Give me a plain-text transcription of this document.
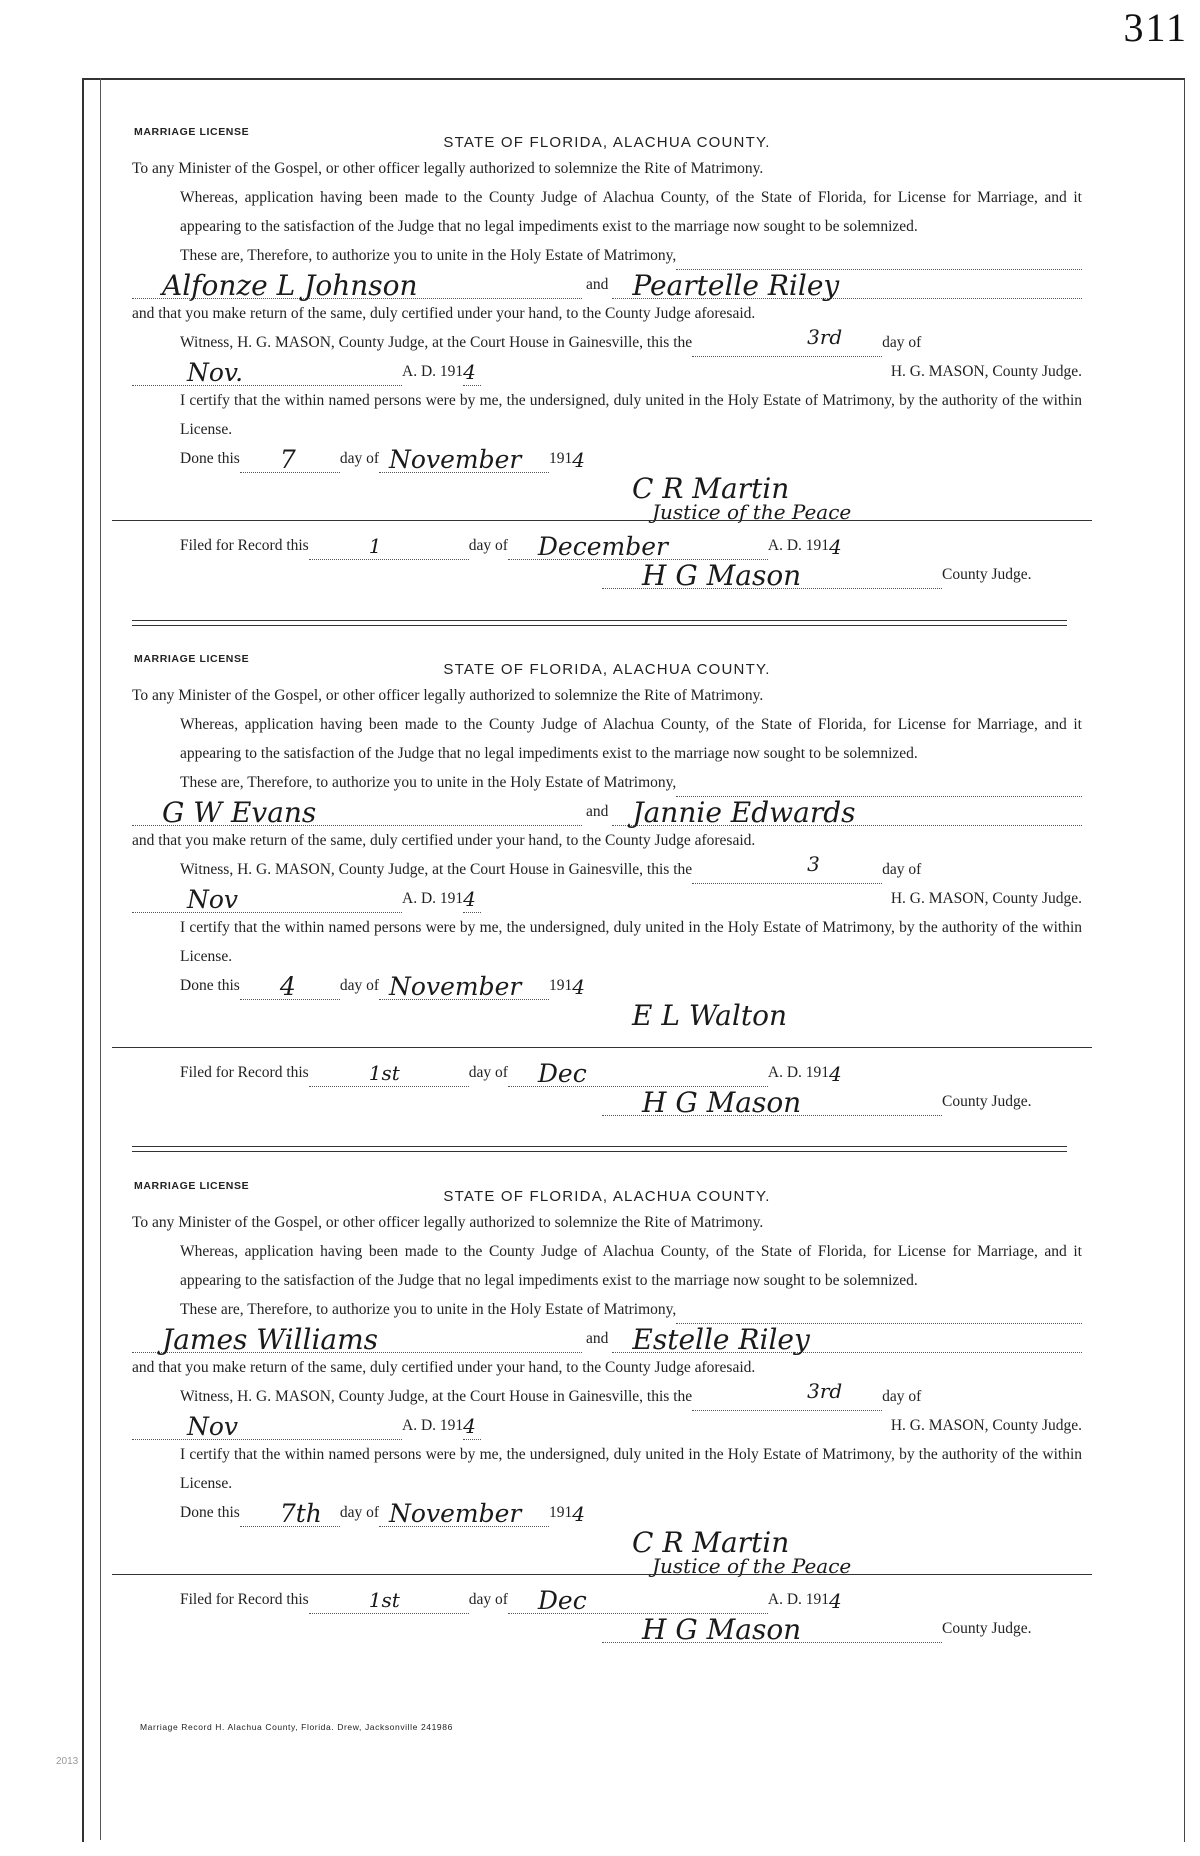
311
MARRIAGE LICENSE
STATE OF FLORIDA, ALACHUA COUNTY.

To any Minister of the Gospel, or other officer legally authorized to solemnize the Rite of Matrimony.

Whereas, application having been made to the County Judge of Alachua County, of the State of Florida, for License for Marriage, and it appearing to the satisfaction of the Judge that no legal impediments exist to the marriage now sought to be solemnized.

These are, Therefore, to authorize you to unite in the Holy Estate of Matrimony,
Alfonze L Johnson	and Peartelle Riley

and that you make return of the same, duly certified under your hand, to the County Judge aforesaid.

Witness, H. G. MASON, County Judge, at the Court House in Gainesville, this the	3rd	day of
Nov.	A. D. 191 4	H. G. MASON, County Judge.

I certify that the within named persons were by me, the undersigned, duly united in the Holy Estate of Matrimony, by the authority of the within License.

Done this 7	day of November 191 4
C R Martin
Justice of the Peace
Filed for Record this	1	day of December	A. D. 191 4
H G Mason	County Judge.
MARRIAGE LICENSE
STATE OF FLORIDA, ALACHUA COUNTY.

To any Minister of the Gospel, or other officer legally authorized to solemnize the Rite of Matrimony.

Whereas, application having been made to the County Judge of Alachua County, of the State of Florida, for License for Marriage, and it appearing to the satisfaction of the Judge that no legal impediments exist to the marriage now sought to be solemnized.

These are, Therefore, to authorize you to unite in the Holy Estate of Matrimony,
G W Evans	and Jannie Edwards

and that you make return of the same, duly certified under your hand, to the County Judge aforesaid.

Witness, H. G. MASON, County Judge, at the Court House in Gainesville, this the	3	day of
Nov	A. D. 191 4	H. G. MASON, County Judge.

I certify that the within named persons were by me, the undersigned, duly united in the Holy Estate of Matrimony, by the authority of the within License.

Done this 4	day of November 191 4
E L Walton
Filed for Record this	1st	day of Dec	A. D. 191 4
H G Mason	County Judge.
MARRIAGE LICENSE
STATE OF FLORIDA, ALACHUA COUNTY.

To any Minister of the Gospel, or other officer legally authorized to solemnize the Rite of Matrimony.

Whereas, application having been made to the County Judge of Alachua County, of the State of Florida, for License for Marriage, and it appearing to the satisfaction of the Judge that no legal impediments exist to the marriage now sought to be solemnized.

These are, Therefore, to authorize you to unite in the Holy Estate of Matrimony,
James Williams	and Estelle Riley

and that you make return of the same, duly certified under your hand, to the County Judge aforesaid.

Witness, H. G. MASON, County Judge, at the Court House in Gainesville, this the	3rd	day of
Nov	A. D. 191 4	H. G. MASON, County Judge.

I certify that the within named persons were by me, the undersigned, duly united in the Holy Estate of Matrimony, by the authority of the within License.

Done this 7th day of November 191 4
C R Martin
Justice of the Peace
Filed for Record this	1st	day of Dec	A. D. 191 4
H G Mason	County Judge.
Marriage Record H. Alachua County, Florida. Drew, Jacksonville 241986
2013
